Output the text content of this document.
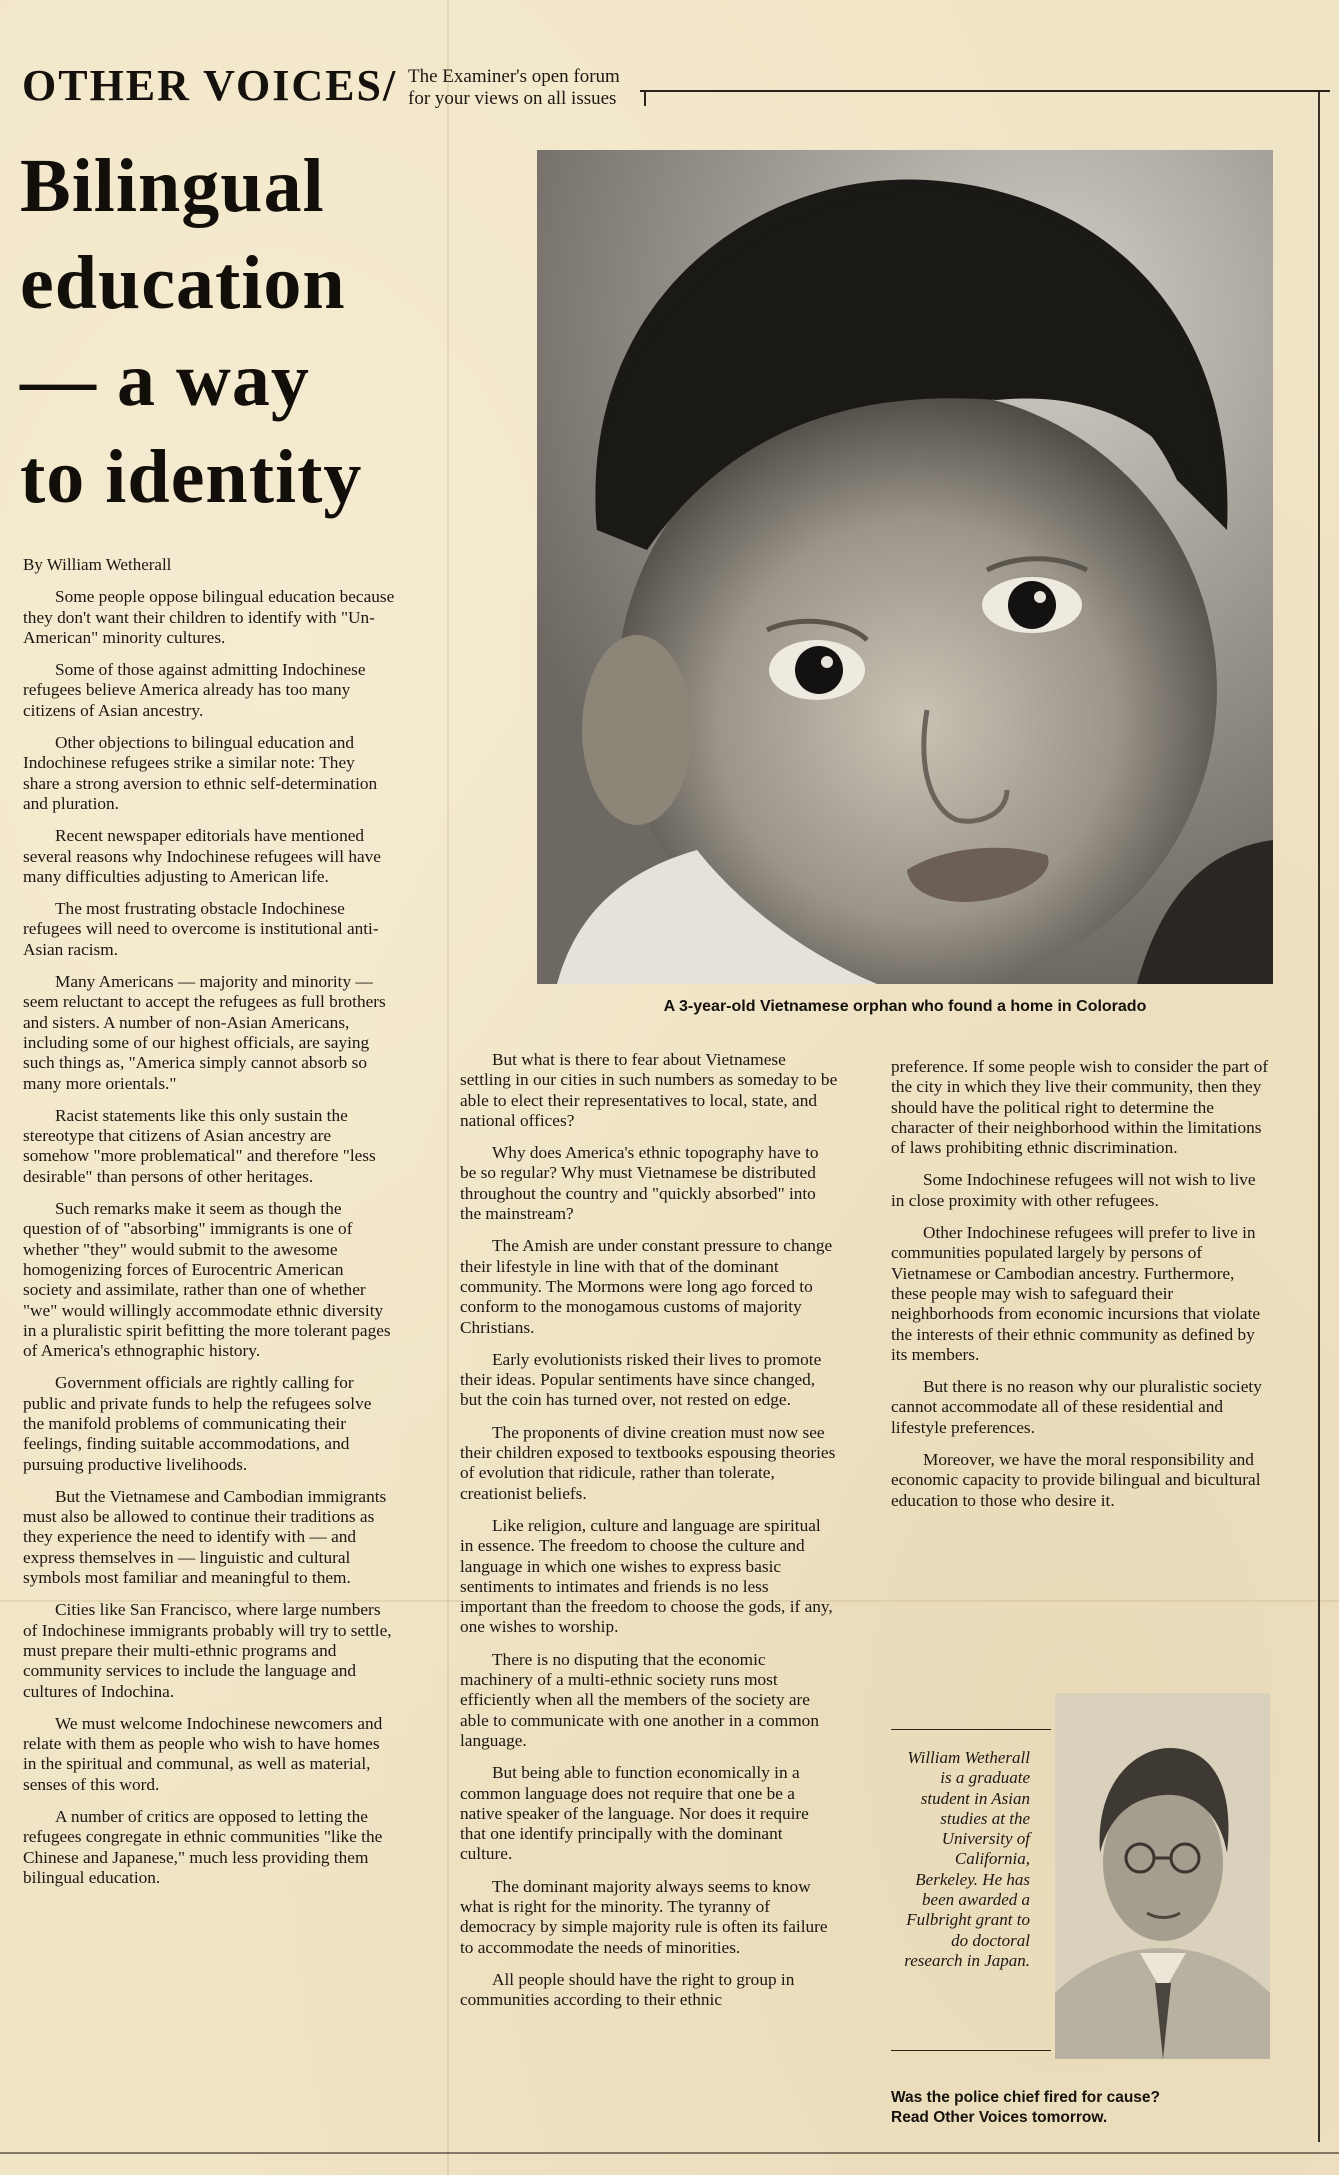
OTHER VOICES/ The Examiner's open forum
for your views on all issues
Bilingual
education
— a way
to identity
A 3-year-old Vietnamese orphan who found a home in Colorado

By William Wetherall

Some people oppose bilingual education because they don't want their children to identify with "Un-American" minority cultures.

Some of those against admitting Indochinese refugees believe America already has too many citizens of Asian ancestry.

Other objections to bilingual education and Indochinese refugees strike a similar note: They share a strong aversion to ethnic self-determination and pluration.

Recent newspaper editorials have mentioned several reasons why Indochinese refugees will have many difficulties adjusting to American life.

The most frustrating obstacle Indochinese refugees will need to overcome is institutional anti-Asian racism.

Many Americans — majority and minority — seem reluctant to accept the refugees as full brothers and sisters. A number of non-Asian Americans, including some of our highest officials, are saying such things as, "America simply cannot absorb so many more orientals."

Racist statements like this only sustain the stereotype that citizens of Asian ancestry are somehow "more problematical" and therefore "less desirable" than persons of other heritages.

Such remarks make it seem as though the question of of "absorbing" immigrants is one of whether "they" would submit to the awesome homogenizing forces of Eurocentric American society and assimilate, rather than one of whether "we" would willingly accommodate ethnic diversity in a pluralistic spirit befitting the more tolerant pages of America's ethnographic history.

Government officials are rightly calling for public and private funds to help the refugees solve the manifold problems of communicating their feelings, finding suitable accommodations, and pursuing productive livelihoods.

But the Vietnamese and Cambodian immigrants must also be allowed to continue their traditions as they experience the need to identify with — and express themselves in — linguistic and cultural symbols most familiar and meaningful to them.

Cities like San Francisco, where large numbers of Indochinese immigrants probably will try to settle, must prepare their multi-ethnic programs and community services to include the language and cultures of Indochina.

We must welcome Indochinese newcomers and relate with them as people who wish to have homes in the spiritual and communal, as well as material, senses of this word.

A number of critics are opposed to letting the refugees congregate in ethnic communities "like the Chinese and Japanese," much less providing them bilingual education.

But what is there to fear about Vietnamese settling in our cities in such numbers as someday to be able to elect their representatives to local, state, and national offices?

Why does America's ethnic topography have to be so regular? Why must Vietnamese be distributed throughout the country and "quickly absorbed" into the mainstream?

The Amish are under constant pressure to change their lifestyle in line with that of the dominant community. The Mormons were long ago forced to conform to the monogamous customs of majority Christians.

Early evolutionists risked their lives to promote their ideas. Popular sentiments have since changed, but the coin has turned over, not rested on edge.

The proponents of divine creation must now see their children exposed to textbooks espousing theories of evolution that ridicule, rather than tolerate, creationist beliefs.

Like religion, culture and language are spiritual in essence. The freedom to choose the culture and language in which one wishes to express basic sentiments to intimates and friends is no less important than the freedom to choose the gods, if any, one wishes to worship.

There is no disputing that the economic machinery of a multi-ethnic society runs most efficiently when all the members of the society are able to communicate with one another in a common language.

But being able to function economically in a common language does not require that one be a native speaker of the language. Nor does it require that one identify principally with the dominant culture.

The dominant majority always seems to know what is right for the minority. The tyranny of democracy by simple majority rule is often its failure to accommodate the needs of minorities.

All people should have the right to group in communities according to their ethnic

preference. If some people wish to consider the part of the city in which they live their community, then they should have the political right to determine the character of their neighborhood within the limitations of laws prohibiting ethnic discrimination.

Some Indochinese refugees will not wish to live in close proximity with other refugees.

Other Indochinese refugees will prefer to live in communities populated largely by persons of Vietnamese or Cambodian ancestry. Furthermore, these people may wish to safeguard their neighborhoods from economic incursions that violate the interests of their ethnic community as defined by its members.

But there is no reason why our pluralistic society cannot accommodate all of these residential and lifestyle preferences.

Moreover, we have the moral responsibility and economic capacity to provide bilingual and bicultural education to those who desire it.

William Wetherall is a graduate student in Asian studies at the University of California, Berkeley. He has been awarded a Fulbright grant to do doctoral research in Japan.
Was the police chief fired for cause?
Read Other Voices tomorrow.
